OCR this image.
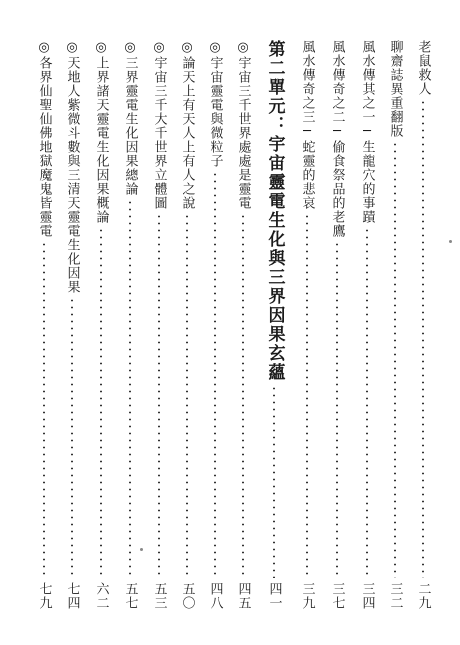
老鼠救人
二九
聊齋誌異重翻版
三二
風水傳其之一─生龍穴的事蹟
三四
風水傳奇之二─偷食祭品的老鷹
三七
風水傳奇之三─蛇靈的悲哀
三九
第二單元：宇宙靈電生化與三界因果玄蘊
四一
◎宇宙三千世界處處是靈電
四五
◎宇宙靈電與微粒子
四八
◎論天上有天人上有人之說
五〇
◎宇宙三千大千世界立體圖
五三
◎三界靈電生化因果總論
五七
◎上界諸天靈電生化因果概論
六二
◎天地人紫微斗數與三清天靈電生化因果
七四
◎各界仙聖仙佛地獄魔鬼皆靈電
七九
